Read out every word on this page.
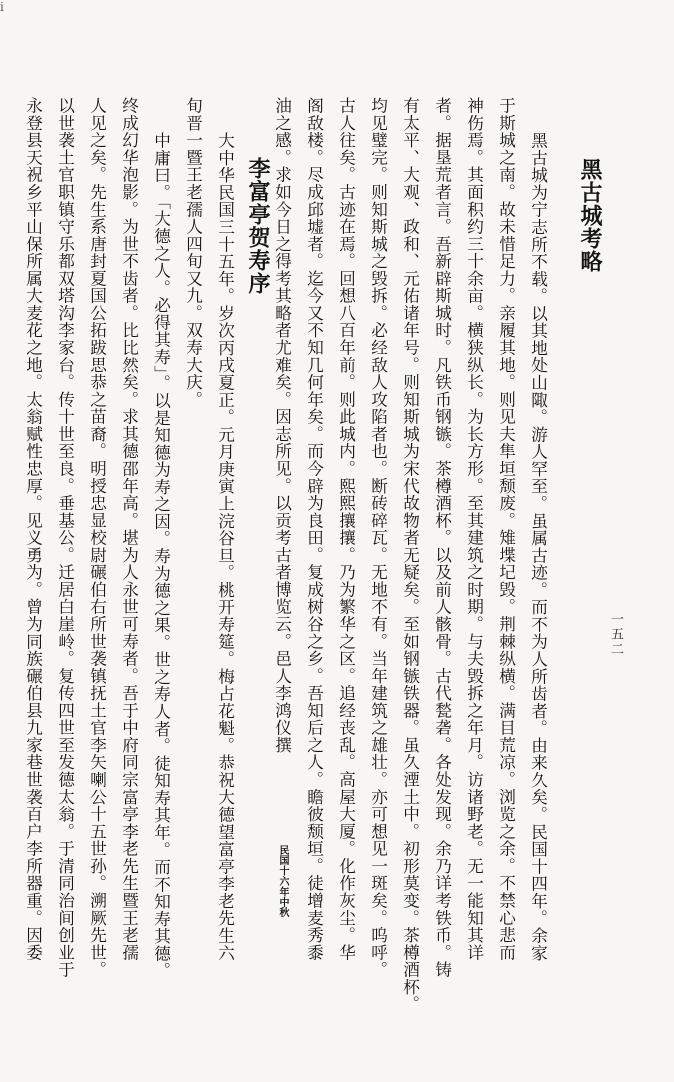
ⅰ
一五二
黑古城考略
黑古城为宁志所不载。以其地处山陬。游人罕至。虽属古迹。而不为人所齿者。由来久矣。民国十四年。余家
于斯城之南。故未惜足力。亲履其地。则见夫隼垣颓废。雉堞圮毁。荆棘纵横。满目荒凉。浏览之余。不禁心悲而
神伤焉。其面积约三十余亩。横狭纵长。为长方形。至其建筑之时期。与夫毁拆之年月。访诸野老。无一能知其详
者。据垦荒者言。吾新辟斯城时。凡铁币钢镞。茶樽酒杯。以及前人骸骨。古代甃砻。各处发现。余乃详考铁币。铸
有太平、大观、政和、元佑诸年号。则知斯城为宋代故物者无疑矣。至如钢镞铁器。虽久湮土中。初形莫变。茶樽酒杯。
均见璧完。则知斯城之毁拆。必经敌人攻陷者也。断砖碎瓦。无地不有。当年建筑之雄壮。亦可想见一斑矣。呜呼。
古人往矣。古迹在焉。回想八百年前。则此城内。熙熙攘攘。乃为繁华之区。追经丧乱。高屋大厦。化作灰尘。华
阁敌楼。尽成邱墟者。迄今又不知几何年矣。而今辟为良田。复成树谷之乡。吾知后之人。瞻彼颓垣。徒增麦秀黍
油之感。求如今日之得考其略者尤难矣。因志所见。以贡考古者博览云。邑人李鸿仪撰
民国十六年中秋
李富亭贺寿序
大中华民国三十五年。岁次丙戌夏正。元月庚寅上浣谷旦。桃开寿筵。梅占花魁。恭祝大德望富亭李老先生六
旬晋一暨王老孺人四旬又九。双寿大庆。
中庸曰。「大德之人。必得其寿」。以是知德为寿之因。寿为德之果。世之寿人者。徒知寿其年。而不知寿其德。
终成幻华泡影。为世不齿者。比比然矣。求其德邵年高。堪为人永世可寿者。吾于中府同宗富亭李老先生暨王老孺
人见之矣。先生系唐封夏国公拓跋思恭之苗裔。明授忠显校尉碾伯右所世袭镇抚土官李矢喇公十五世孙。溯厥先世。
以世袭土官职镇守乐都双塔沟李家台。传十世至良。垂基公。迁居白崖岭。复传四世至发德太翁。于清同治间创业于
永登县天祝乡平山保所属大麦花之地。太翁赋性忠厚。见义勇为。曾为同族碾伯县九家巷世袭百户李所器重。因委
